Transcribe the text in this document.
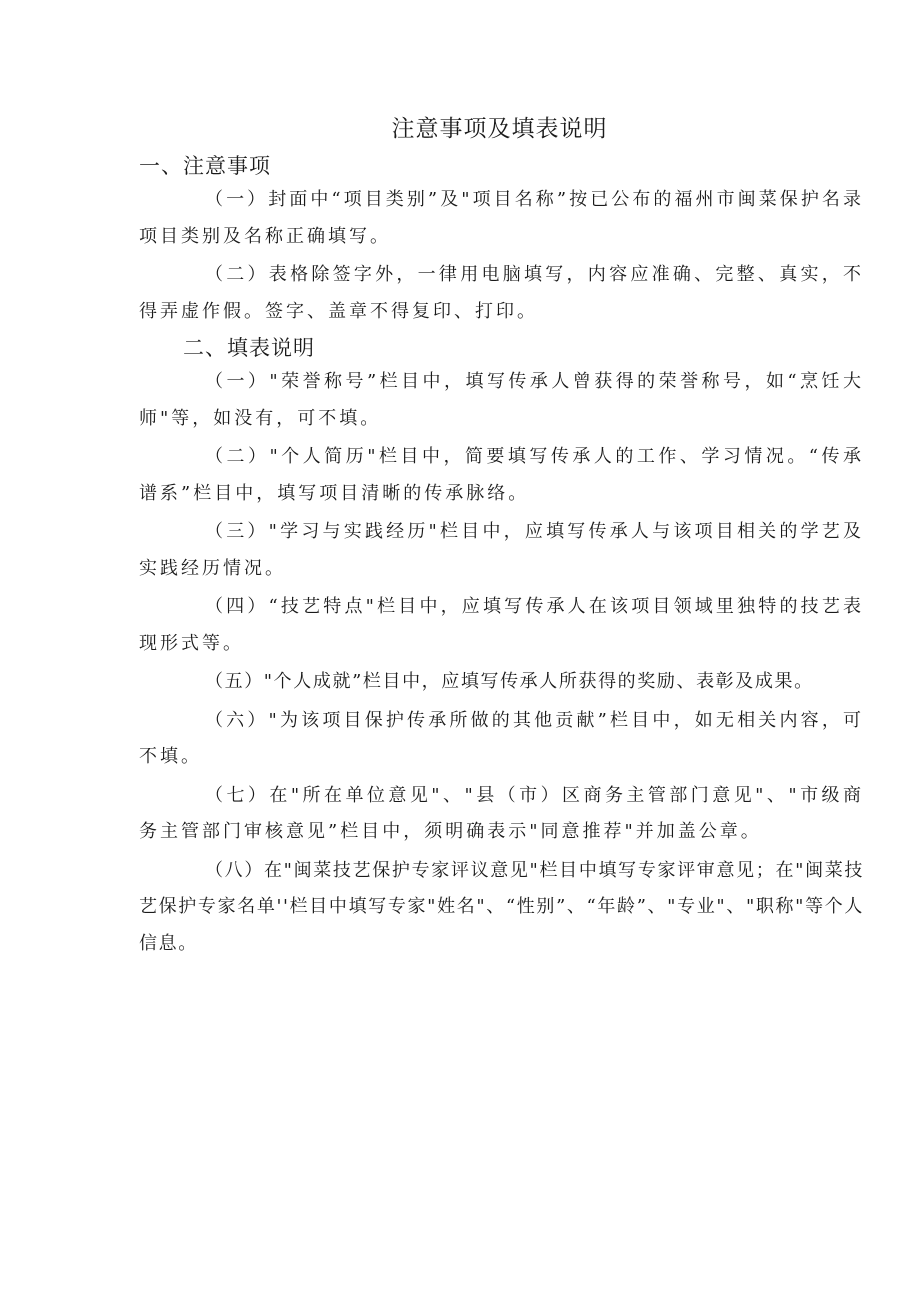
注意事项及填表说明
一、注意事项

（一）封面中“项目类别”及"项目名称”按已公布的福州市闽菜保护名录项目类别及名称正确填写。

（二）表格除签字外，一律用电脑填写，内容应准确、完整、真实，不得弄虚作假。签字、盖章不得复印、打印。

二、填表说明

（一）"荣誉称号”栏目中，填写传承人曾获得的荣誉称号，如“烹饪大师"等，如没有，可不填。

（二）"个人简历"栏目中，简要填写传承人的工作、学习情况。“传承谱系”栏目中，填写项目清晰的传承脉络。

（三）"学习与实践经历"栏目中，应填写传承人与该项目相关的学艺及实践经历情况。

（四）“技艺特点"栏目中，应填写传承人在该项目领域里独特的技艺表现形式等。

（五）"个人成就”栏目中，应填写传承人所获得的奖励、表彰及成果。

（六）"为该项目保护传承所做的其他贡献”栏目中，如无相关内容，可不填。

（七）在"所在单位意见"、"县（市）区商务主管部门意见"、"市级商务主管部门审核意见”栏目中，须明确表示"同意推荐"并加盖公章。

（八）在"闽菜技艺保护专家评议意见"栏目中填写专家评审意见；在"闽菜技艺保护专家名单''栏目中填写专家"姓名"、“性别”、“年龄”、"专业"、"职称"等个人信息。
